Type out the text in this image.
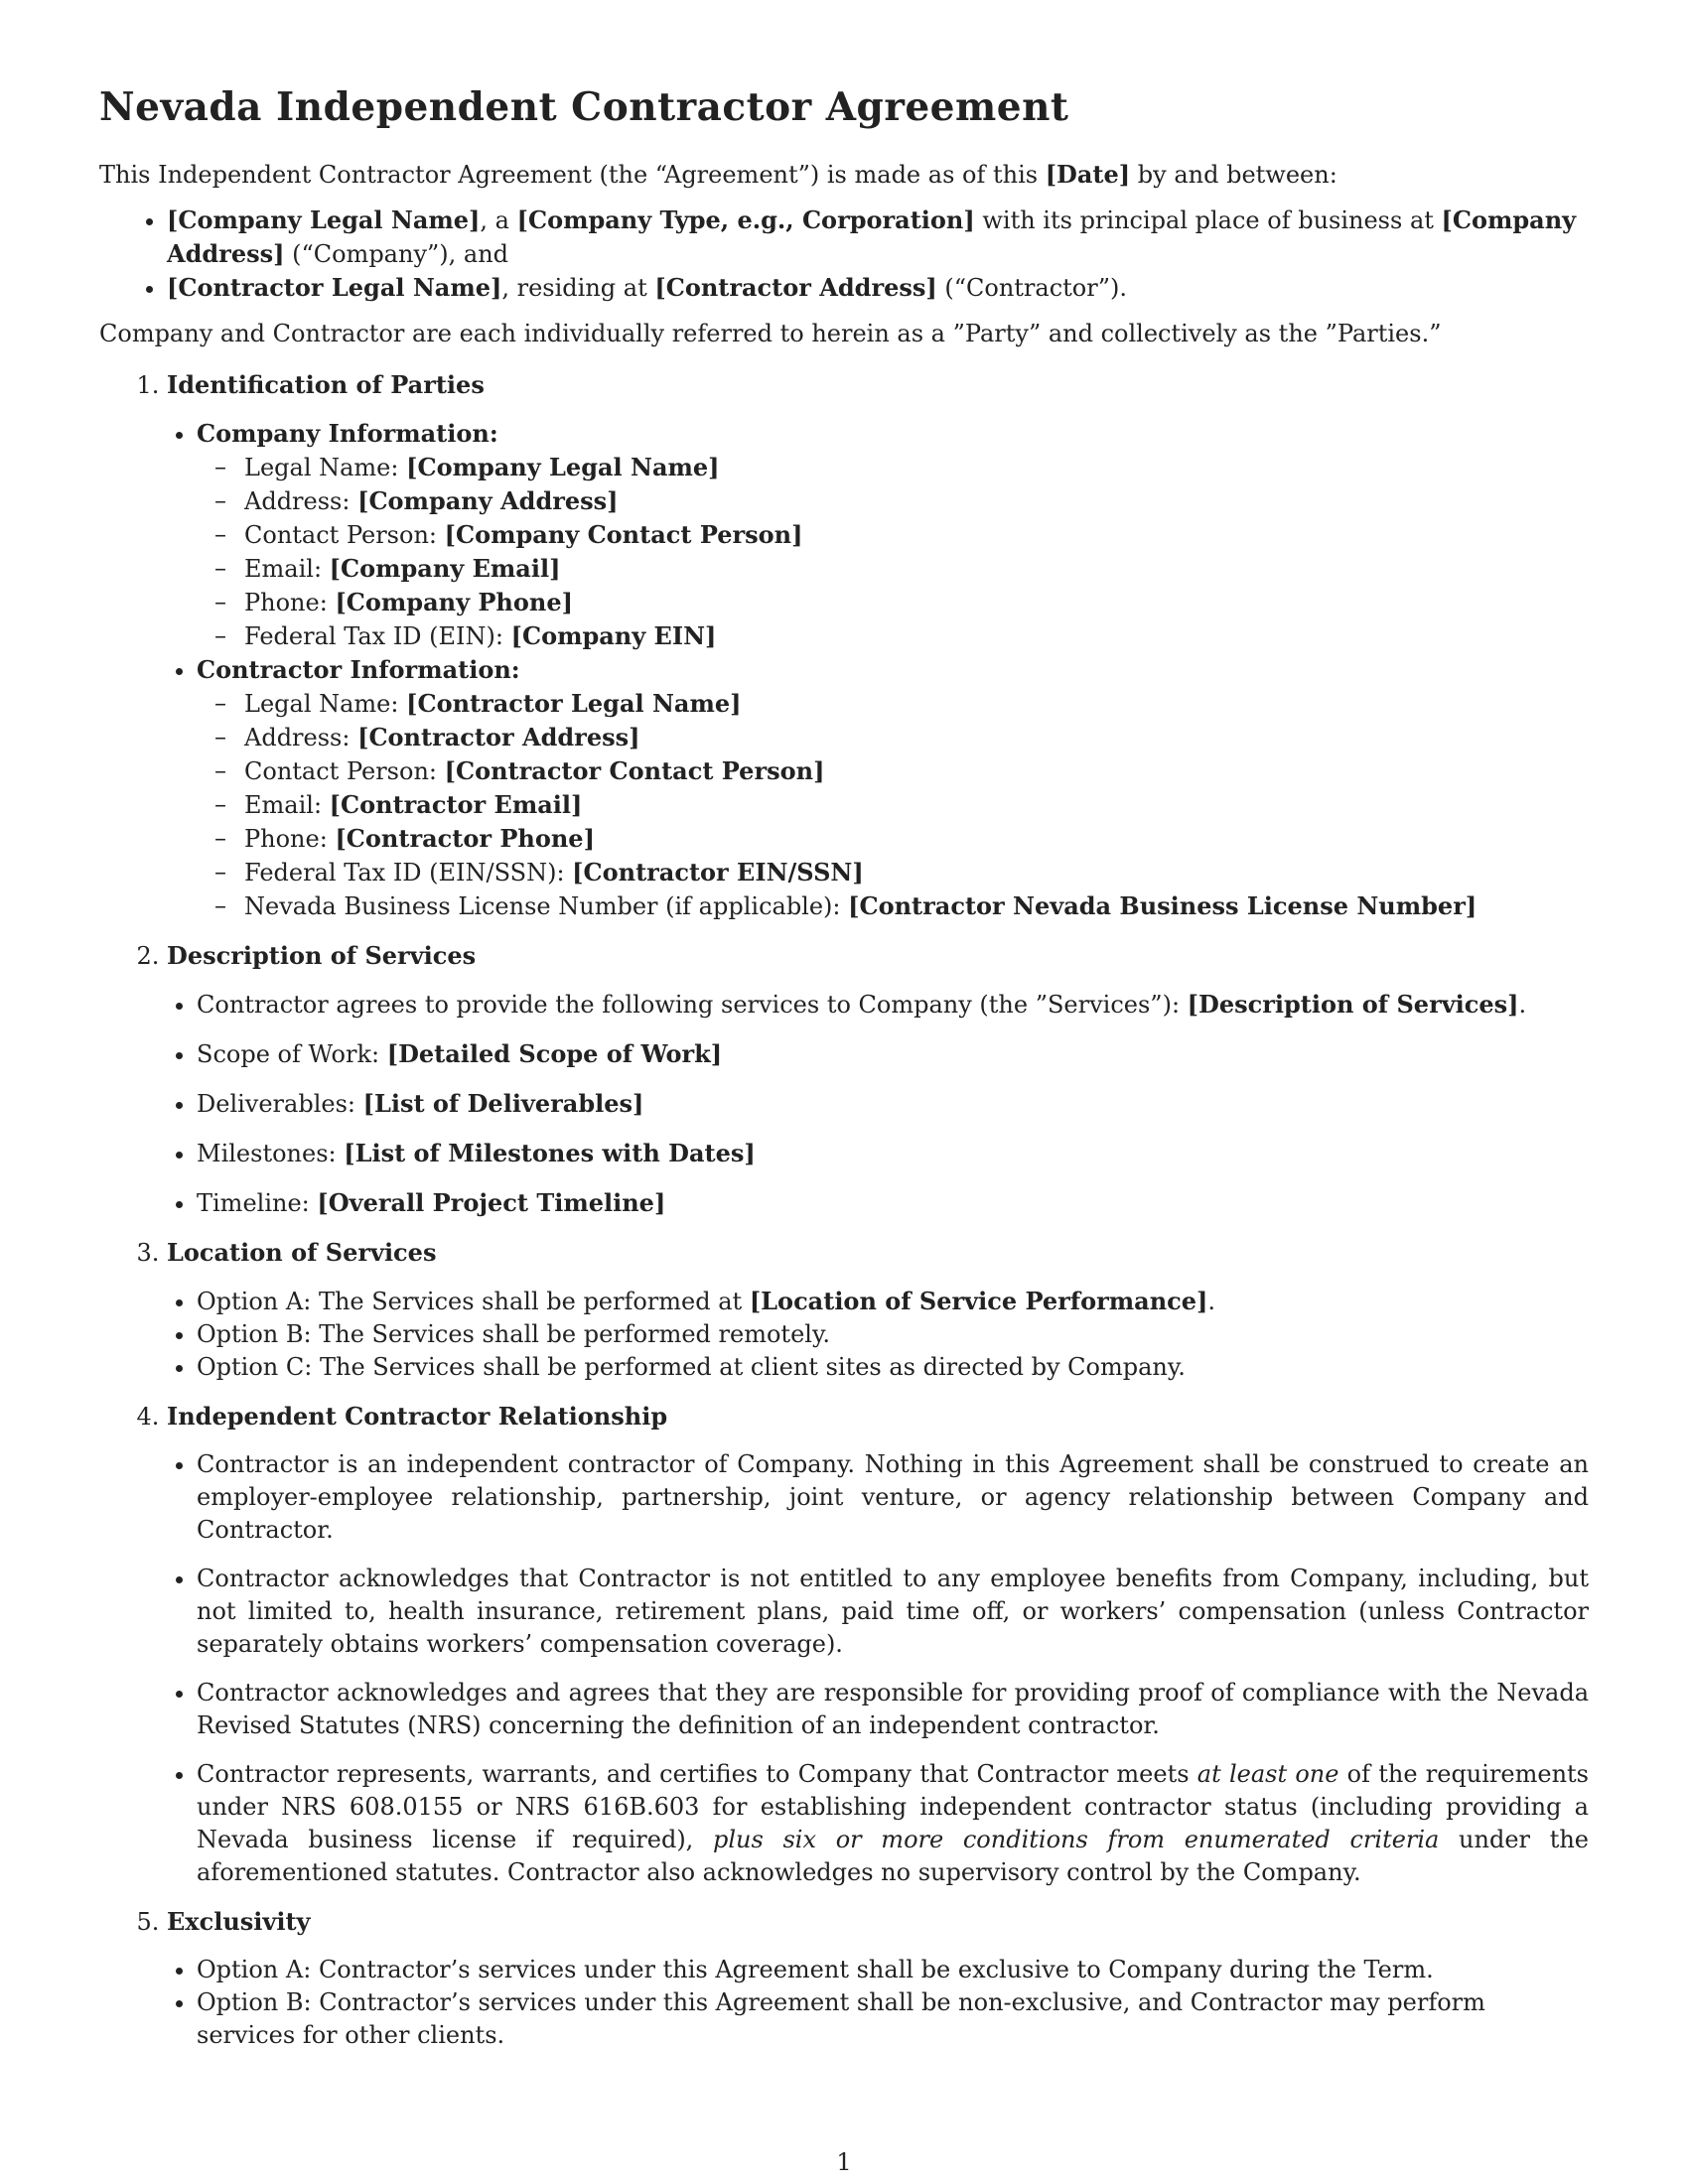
Nevada Independent Contractor Agreement

This Independent Contractor Agreement (the “Agreement”) is made as of this [Date] by and between:

• [Company Legal Name], a [Company Type, e.g., Corporation] with its principal place of business at [Company Address] (“Company”), and
• [Contractor Legal Name], residing at [Contractor Address] (“Contractor”).

Company and Contractor are each individually referred to herein as a ”Party” and collectively as the ”Parties.”

1. Identification of Parties
• Company Information:
– Legal Name: [Company Legal Name]
– Address: [Company Address]
– Contact Person: [Company Contact Person]
– Email: [Company Email]
– Phone: [Company Phone]
– Federal Tax ID (EIN): [Company EIN]
• Contractor Information:
– Legal Name: [Contractor Legal Name]
– Address: [Contractor Address]
– Contact Person: [Contractor Contact Person]
– Email: [Contractor Email]
– Phone: [Contractor Phone]
– Federal Tax ID (EIN/SSN): [Contractor EIN/SSN]
– Nevada Business License Number (if applicable): [Contractor Nevada Business License Number]
2. Description of Services
• Contractor agrees to provide the following services to Company (the ”Services”): [Description of Services].
• Scope of Work: [Detailed Scope of Work]
• Deliverables: [List of Deliverables]
• Milestones: [List of Milestones with Dates]
• Timeline: [Overall Project Timeline]
3. Location of Services
• Option A: The Services shall be performed at [Location of Service Performance].
• Option B: The Services shall be performed remotely.
• Option C: The Services shall be performed at client sites as directed by Company.
4. Independent Contractor Relationship
• Contractor is an independent contractor of Company. Nothing in this Agreement shall be construed to create an employer-employee relationship, partnership, joint venture, or agency relationship between Company and Contractor.
• Contractor acknowledges that Contractor is not entitled to any employee benefits from Company, including, but not limited to, health insurance, retirement plans, paid time off, or workers’ compensation (unless Contractor separately obtains workers’ compensation coverage).
• Contractor acknowledges and agrees that they are responsible for providing proof of compliance with the Nevada Revised Statutes (NRS) concerning the definition of an independent contractor.
• Contractor represents, warrants, and certifies to Company that Contractor meets at least one of the requirements under NRS 608.0155 or NRS 616B.603 for establishing independent contractor status (including providing a Nevada business license if required), plus six or more conditions from enumerated criteria under the aforementioned statutes. Contractor also acknowledges no supervisory control by the Company.
5. Exclusivity
• Option A: Contractor’s services under this Agreement shall be exclusive to Company during the Term.
• Option B: Contractor’s services under this Agreement shall be non-exclusive, and Contractor may perform services for other clients.
1
